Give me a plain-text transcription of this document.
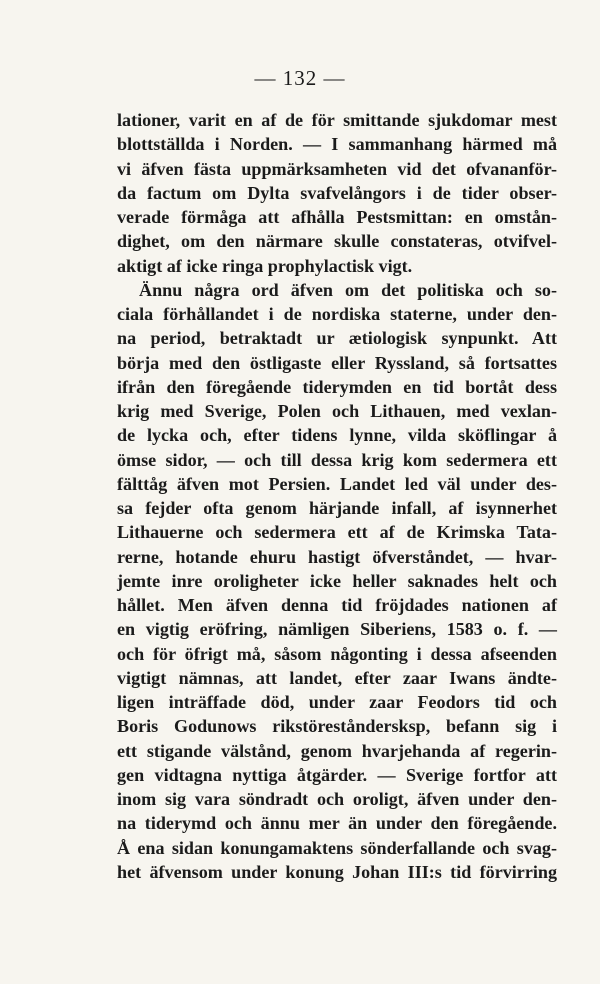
— 132 —
lationer, varit en af de för smittande sjukdomar mest
blottställda i Norden. — I sammanhang härmed må
vi äfven fästa uppmärksamheten vid det ofvananför-
da factum om Dylta svafvelångors i de tider obser-
verade förmåga att afhålla Pestsmittan: en omstån-
dighet, om den närmare skulle constateras, otvifvel-
aktigt af icke ringa prophylactisk vigt.
Ännu några ord äfven om det politiska och so-
ciala förhållandet i de nordiska staterne, under den-
na period, betraktadt ur ætiologisk synpunkt. Att
börja med den östligaste eller Ryssland, så fortsattes
ifrån den föregående tiderymden en tid bortåt dess
krig med Sverige, Polen och Lithauen, med vexlan-
de lycka och, efter tidens lynne, vilda sköflingar å
ömse sidor, — och till dessa krig kom sedermera ett
fälttåg äfven mot Persien. Landet led väl under des-
sa fejder ofta genom härjande infall, af isynnerhet
Lithauerne och sedermera ett af de Krimska Tata-
rerne, hotande ehuru hastigt öfverståndet, — hvar-
jemte inre oroligheter icke heller saknades helt och
hållet. Men äfven denna tid fröjdades nationen af
en vigtig eröfring, nämligen Siberiens, 1583 o. f. —
och för öfrigt må, såsom någonting i dessa afseenden
vigtigt nämnas, att landet, efter zaar Iwans ändte-
ligen inträffade död, under zaar Feodors tid och
Boris Godunows rikstöreståndersksp, befann sig i
ett stigande välstånd, genom hvarjehanda af regerin-
gen vidtagna nyttiga åtgärder. — Sverige fortfor att
inom sig vara söndradt och oroligt, äfven under den-
na tiderymd och ännu mer än under den föregående.
Å ena sidan konungamaktens sönderfallande och svag-
het äfvensom under konung Johan III:s tid förvirring
